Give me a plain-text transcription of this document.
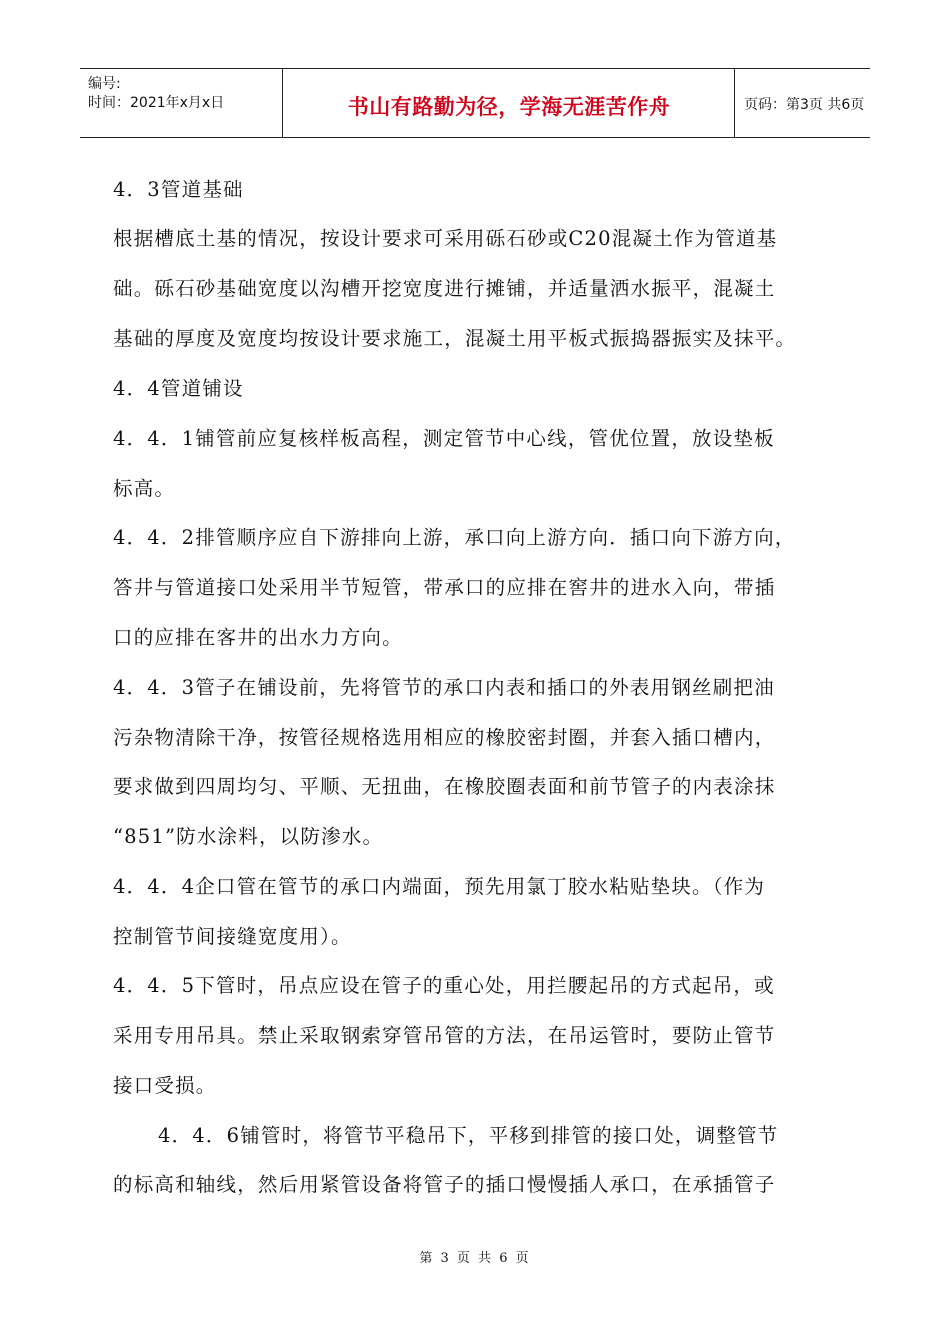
编号:
时间：2021年x月x日	书山有路勤为径，学海无涯苦作舟	页码：第3页 共6页
4．3管道基础
根据槽底土基的情况，按设计要求可采用砾石砂或C20混凝土作为管道基
础。砾石砂基础宽度以沟槽开挖宽度进行摊铺，并适量洒水振平，混凝土
基础的厚度及宽度均按设计要求施工，混凝土用平板式振捣器振实及抹平。
4．4管道铺设
4．4．1铺管前应复核样板高程，测定管节中心线，管优位置，放设垫板
标高。
4．4．2排管顺序应自下游排向上游，承口向上游方向．插口向下游方向，
答井与管道接口处采用半节短管，带承口的应排在窖井的进水入向，带插
口的应排在客井的出水力方向。
4．4．3管子在铺设前，先将管节的承口内表和插口的外表用钢丝刷把油
污杂物清除干净，按管径规格选用相应的橡胶密封圈，并套入插口槽内，
要求做到四周均匀、平顺、无扭曲，在橡胶圈表面和前节管子的内表涂抹
“851”防水涂料，以防渗水。
4．4．4企口管在管节的承口内端面，预先用氯丁胶水粘贴垫块。（作为
控制管节间接缝宽度用）。
4．4．5下管时，吊点应设在管子的重心处，用拦腰起吊的方式起吊，或
采用专用吊具。禁止采取钢索穿管吊管的方法，在吊运管时，要防止管节
接口受损。
4．4．6铺管时，将管节平稳吊下，平移到排管的接口处，调整管节
的标高和轴线，然后用紧管设备将管子的插口慢慢插人承口，在承插管子
第 3 页 共 6 页
